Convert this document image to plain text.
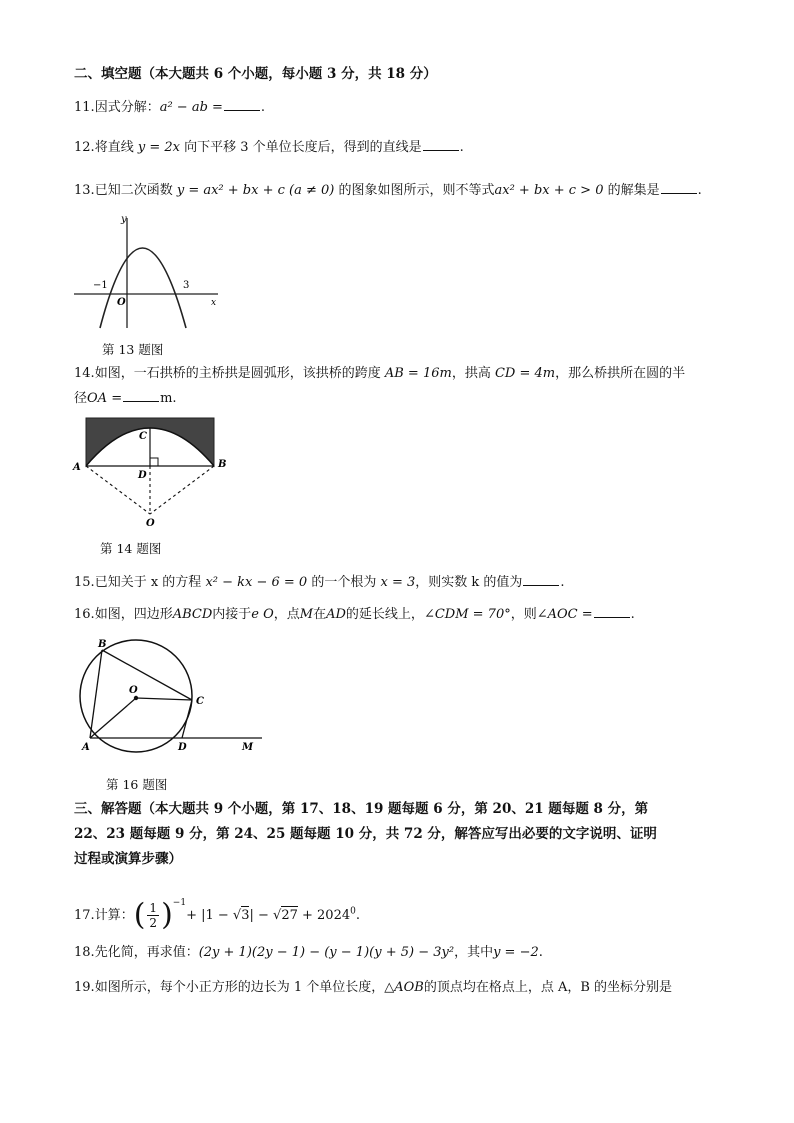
二、填空题（本大题共 6 个小题，每小题 3 分，共 18 分）
11.因式分解：a² − ab =	.
12.将直线 y = 2x 向下平移 3 个单位长度后，得到的直线是	.
13.已知二次函数 y = ax² + bx + c (a ≠ 0) 的图象如图所示，则不等式ax² + bx + c > 0 的解集是	.
y
x
O
−1	3
第 13 题图
14.如图，一石拱桥的主桥拱是圆弧形，该拱桥的跨度 AB = 16m，拱高 CD = 4m，那么桥拱所在圆的半
径OA =	m.
A	B
C
D
O
第 14 题图
15.已知关于 x 的方程 x² − kx − 6 = 0 的一个根为 x = 3，则实数 k 的值为	.
16.如图，四边形ABCD内接于e O，点M在AD的延长线上，∠CDM = 70°，则∠AOC =	.
B
O
C
A	D	M
第 16 题图
三、解答题（本大题共 9 个小题，第 17、18、19 题每题 6 分，第 20、21 题每题 8 分，第
22、23 题每题 9 分，第 24、25 题每题 10 分，共 72 分，解答应写出必要的文字说明、证明
过程或演算步骤）
17.计算：( $\frac{1}{2} )^{-1}+ |1 - √3| - √27 + 2024^0$.
18.先化简，再求值：(2y + 1)(2y − 1) − (y − 1)(y + 5) − 3y²，其中y = −2.
19.如图所示，每个小正方形的边长为 1 个单位长度，△AOB的顶点均在格点上，点 A，B 的坐标分别是
